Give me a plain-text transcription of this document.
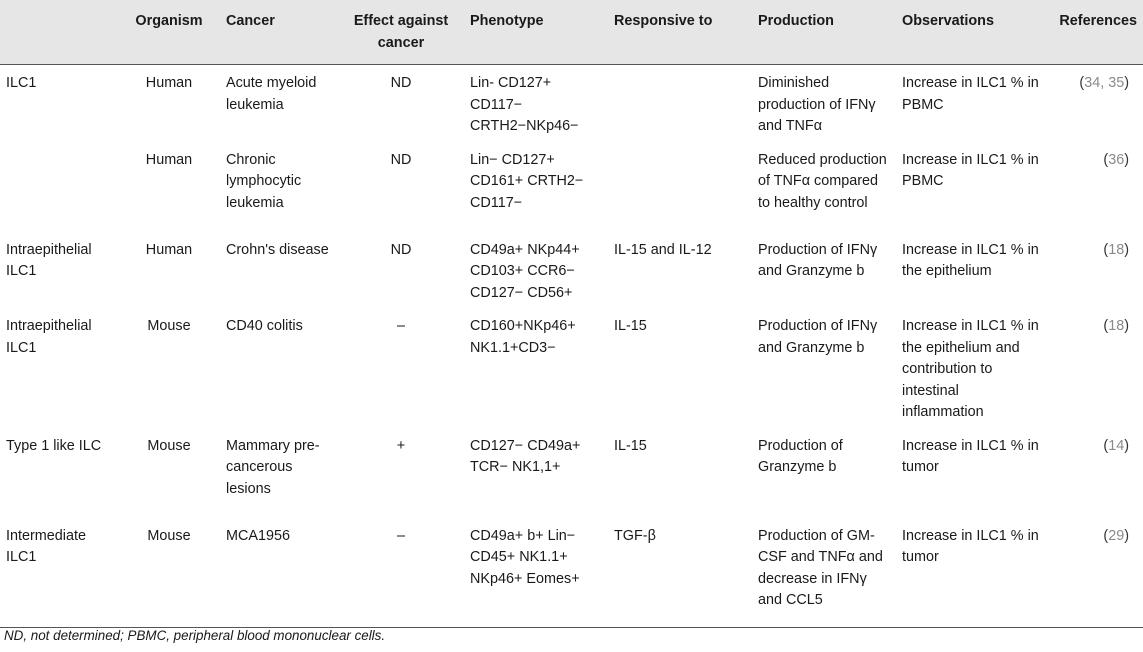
	Organism	Cancer	Effect against cancer	Phenotype	Responsive to	Production	Observations	References
ILC1	Human	Acute myeloid leukemia	ND	Lin- CD127+ CD117− CRTH2−NKp46−		Diminished production of IFNγ and TNFα	Increase in ILC1 % in PBMC	(34, 35)
	Human	Chronic lymphocytic leukemia	ND	Lin− CD127+ CD161+ CRTH2− CD117−		Reduced production of TNFα compared to healthy control	Increase in ILC1 % in PBMC	(36)
Intraepithelial ILC1	Human	Crohn's disease	ND	CD49a+ NKp44+ CD103+ CCR6− CD127− CD56+	IL-15 and IL-12	Production of IFNγ and Granzyme b	Increase in ILC1 % in the epithelium	(18)
Intraepithelial ILC1	Mouse	CD40 colitis	–	CD160+NKp46+ NK1.1+CD3−	IL-15	Production of IFNγ and Granzyme b	Increase in ILC1 % in the epithelium and contribution to intestinal inflammation	(18)
Type 1 like ILC	Mouse	Mammary pre-cancerous lesions	+	CD127− CD49a+ TCR− NK1,1+	IL-15	Production of Granzyme b	Increase in ILC1 % in tumor	(14)
Intermediate ILC1	Mouse	MCA1956	–	CD49a+ b+ Lin− CD45+ NK1.1+ NKp46+ Eomes+	TGF-β	Production of GM-CSF and TNFα and decrease in IFNγ and CCL5	Increase in ILC1 % in tumor	(29)
ND, not determined; PBMC, peripheral blood mononuclear cells.
